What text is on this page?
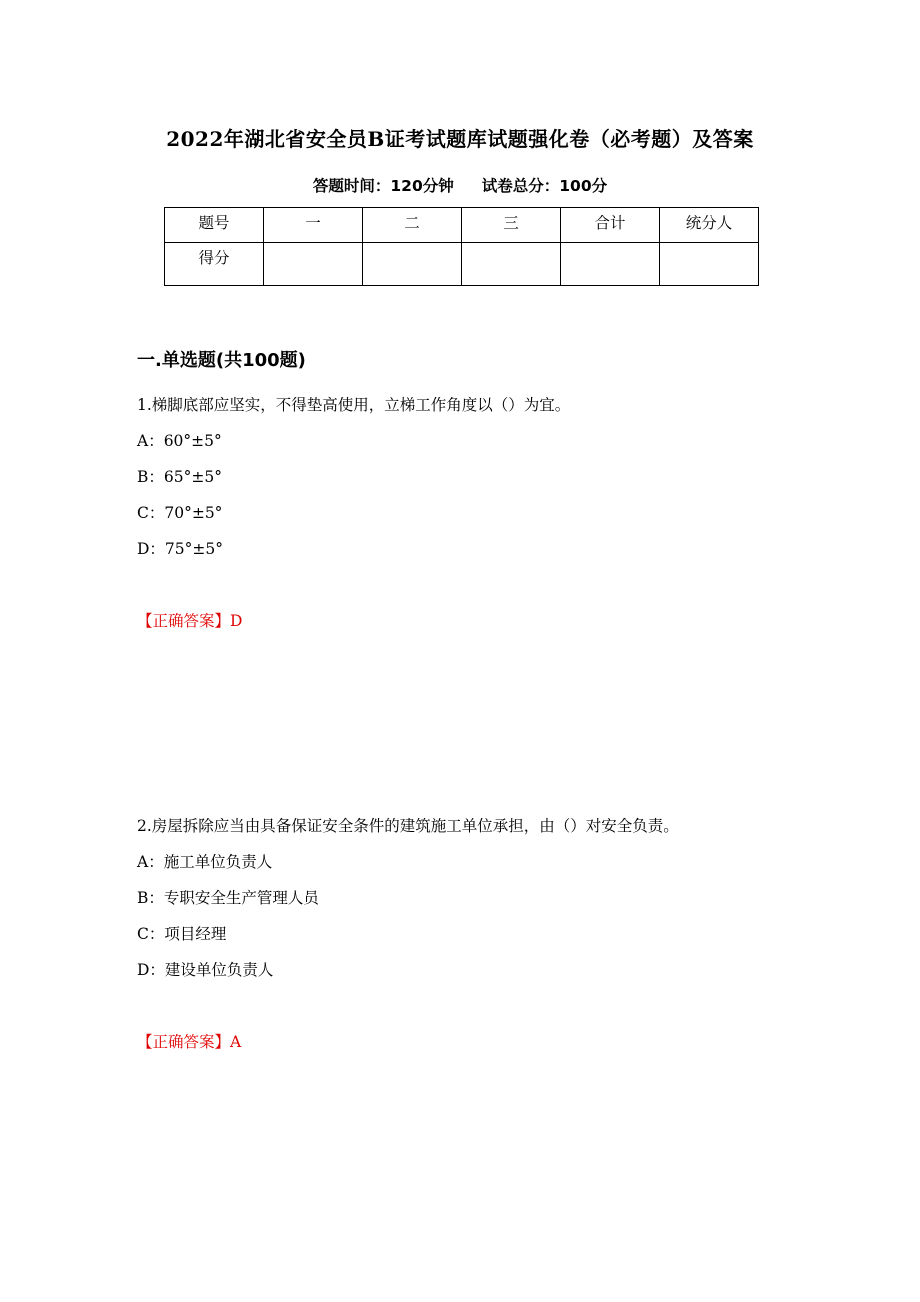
2022年湖北省安全员B证考试题库试题强化卷（必考题）及答案
答题时间：120分钟 试卷总分：100分
题号	一	二	三	合计	统分人
得分					
一.单选题(共100题)
1.梯脚底部应坚实，不得垫高使用，立梯工作角度以（）为宜。
A：60°±5°
B：65°±5°
C：70°±5°
D：75°±5°
【正确答案】D
2.房屋拆除应当由具备保证安全条件的建筑施工单位承担，由（）对安全负责。
A：施工单位负责人
B：专职安全生产管理人员
C：项目经理
D：建设单位负责人
【正确答案】A
